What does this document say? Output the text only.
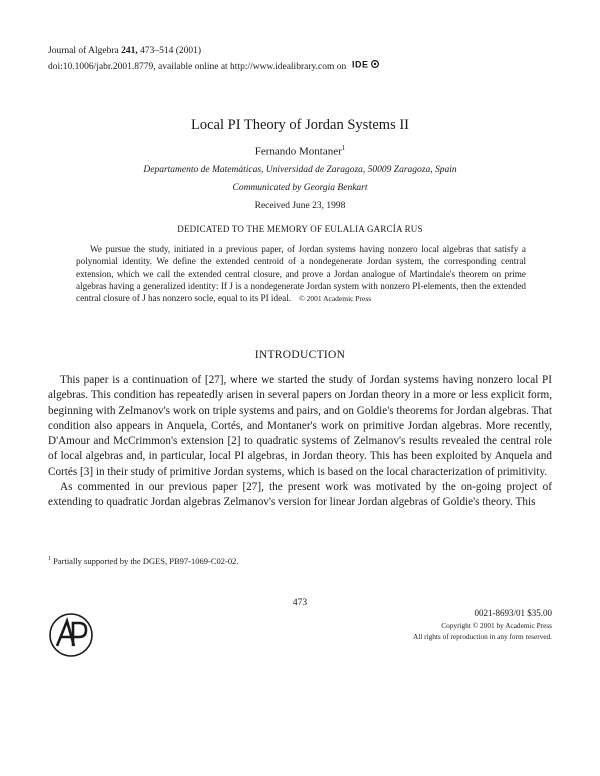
Journal of Algebra 241, 473–514 (2001)
doi:10.1006/jabr.2001.8779, available online at http://www.idealibrary.com on IDE
Local PI Theory of Jordan Systems II
Fernando Montaner$^1$
Departamento de Matemáticas, Universidad de Zaragoza, 50009 Zaragoza, Spain
Communicated by Georgia Benkart
Received June 23, 1998
DEDICATED TO THE MEMORY OF EULALIA GARCÍA RUS
We pursue the study, initiated in a previous paper, of Jordan systems having nonzero local algebras that satisfy a polynomial identity. We define the extended centroid of a nondegenerate Jordan system, the corresponding central extension, which we call the extended central closure, and prove a Jordan analogue of Martindale's theorem on prime algebras having a generalized identity: If J is a nondegenerate Jordan system with nonzero PI-elements, then the extended central closure of J has nonzero socle, equal to its PI ideal. © 2001 Academic Press
INTRODUCTION

This paper is a continuation of [27], where we started the study of Jordan systems having nonzero local PI algebras. This condition has repeatedly arisen in several papers on Jordan theory in a more or less explicit form, beginning with Zelmanov's work on triple systems and pairs, and on Goldie's theorems for Jordan algebras. That condition also appears in Anquela, Cortés, and Montaner's work on primitive Jordan algebras. More recently, D'Amour and McCrimmon's extension [2] to quadratic systems of Zelmanov's results revealed the central role of local algebras and, in particular, local PI algebras, in Jordan theory. This has been exploited by Anquela and Cortés [3] in their study of primitive Jordan systems, which is based on the local characterization of primitivity.

As commented in our previous paper [27], the present work was motivated by the on-going project of extending to quadratic Jordan algebras Zelmanov's version for linear Jordan algebras of Goldie's theory. This

$^1$ Partially supported by the DGES, PB97-1069-C02-02.
473
0021-8693/01 $35.00
Copyright © 2001 by Academic Press
All rights of reproduction in any form reserved.
